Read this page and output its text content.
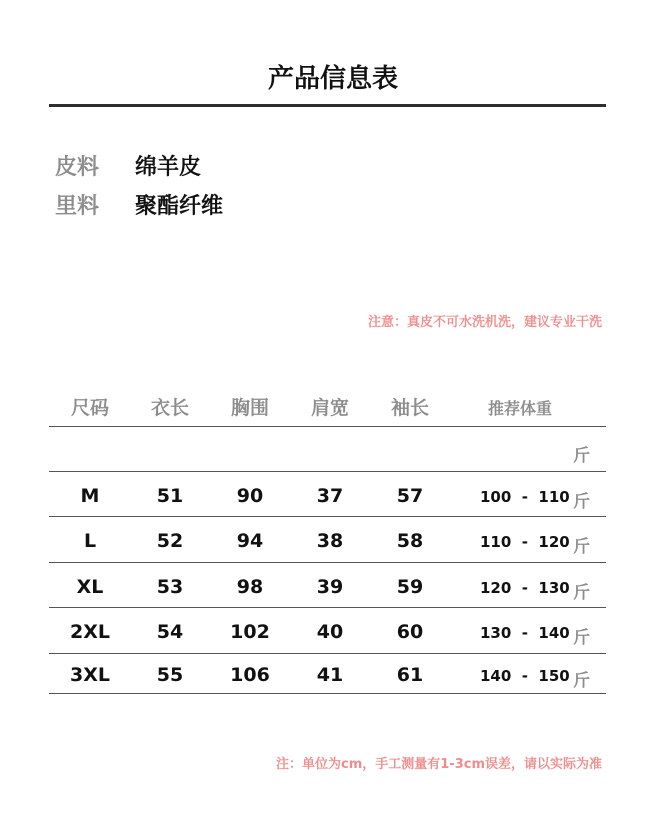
产品信息表
皮料 绵羊皮
里料 聚酯纤维
注意：真皮不可水洗机洗，建议专业干洗
尺码	衣长	胸围	肩宽	袖长	推荐体重
斤
M	51	90	37	57	100  -  110 斤
L	52	94	38	58	110  -  120 斤
XL	53	98	39	59	120  -  130 斤
2XL	54	102	40	60	130  -  140 斤
3XL	55	106	41	61	140  -  150 斤
注：单位为cm，手工测量有1-3cm误差，请以实际为准
